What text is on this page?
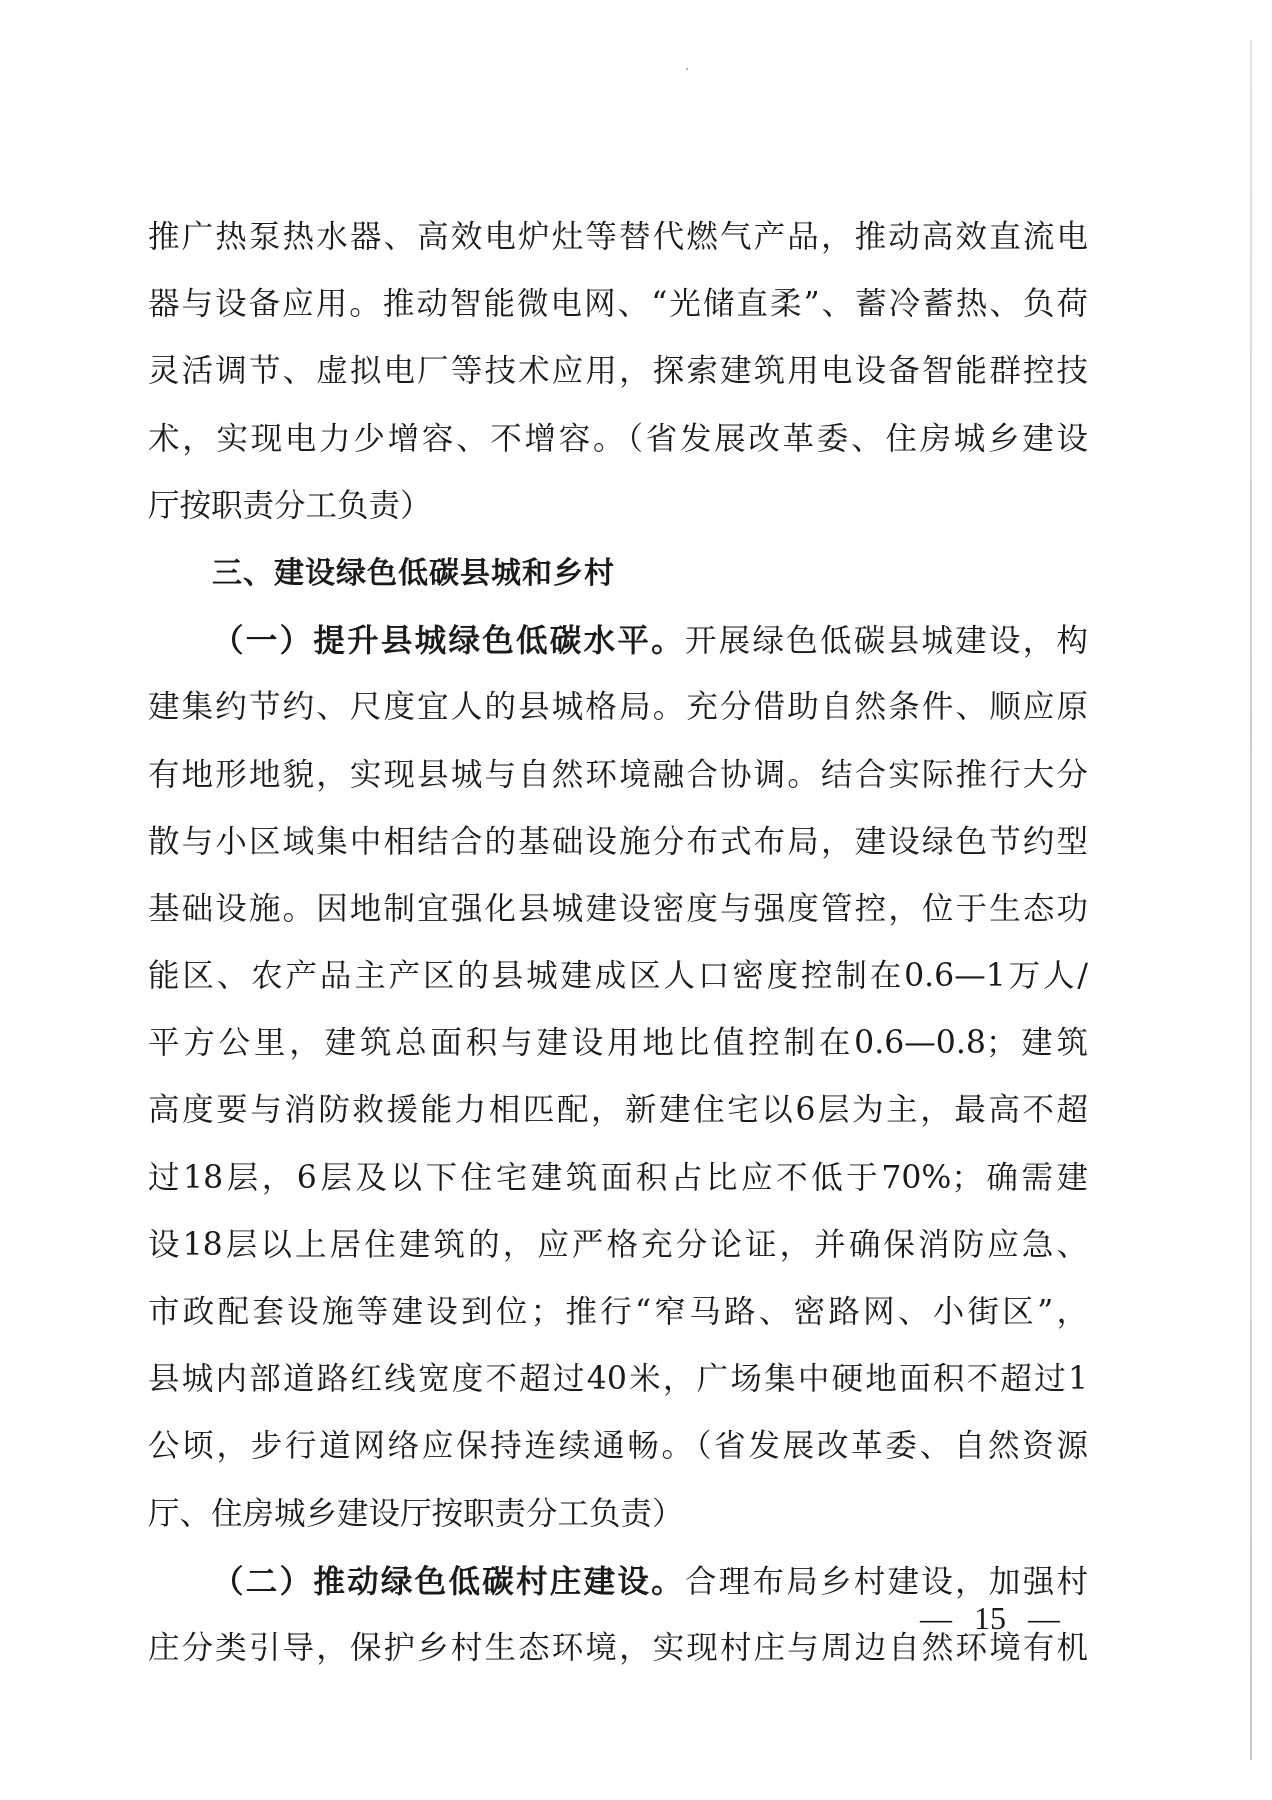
推广热泵热水器、高效电炉灶等替代燃气产品，推动高效直流电
器与设备应用。推动智能微电网、“光储直柔”、蓄冷蓄热、负荷
灵活调节、虚拟电厂等技术应用，探索建筑用电设备智能群控技
术，实现电力少增容、不增容。（省发展改革委、住房城乡建设
厅按职责分工负责）
三、建设绿色低碳县城和乡村
（一）提升县城绿色低碳水平。开展绿色低碳县城建设，构
建集约节约、尺度宜人的县城格局。充分借助自然条件、顺应原
有地形地貌，实现县城与自然环境融合协调。结合实际推行大分
散与小区域集中相结合的基础设施分布式布局，建设绿色节约型
基础设施。因地制宜强化县城建设密度与强度管控，位于生态功
能区、农产品主产区的县城建成区人口密度控制在0.6—1万人/
平方公里，建筑总面积与建设用地比值控制在0.6—0.8；建筑
高度要与消防救援能力相匹配，新建住宅以6层为主，最高不超
过18层，6层及以下住宅建筑面积占比应不低于70%；确需建
设18层以上居住建筑的，应严格充分论证，并确保消防应急、
市政配套设施等建设到位；推行“窄马路、密路网、小街区”，
县城内部道路红线宽度不超过40米，广场集中硬地面积不超过1
公顷，步行道网络应保持连续通畅。（省发展改革委、自然资源
厅、住房城乡建设厅按职责分工负责）
（二）推动绿色低碳村庄建设。合理布局乡村建设，加强村
庄分类引导，保护乡村生态环境，实现村庄与周边自然环境有机
— 15 —
